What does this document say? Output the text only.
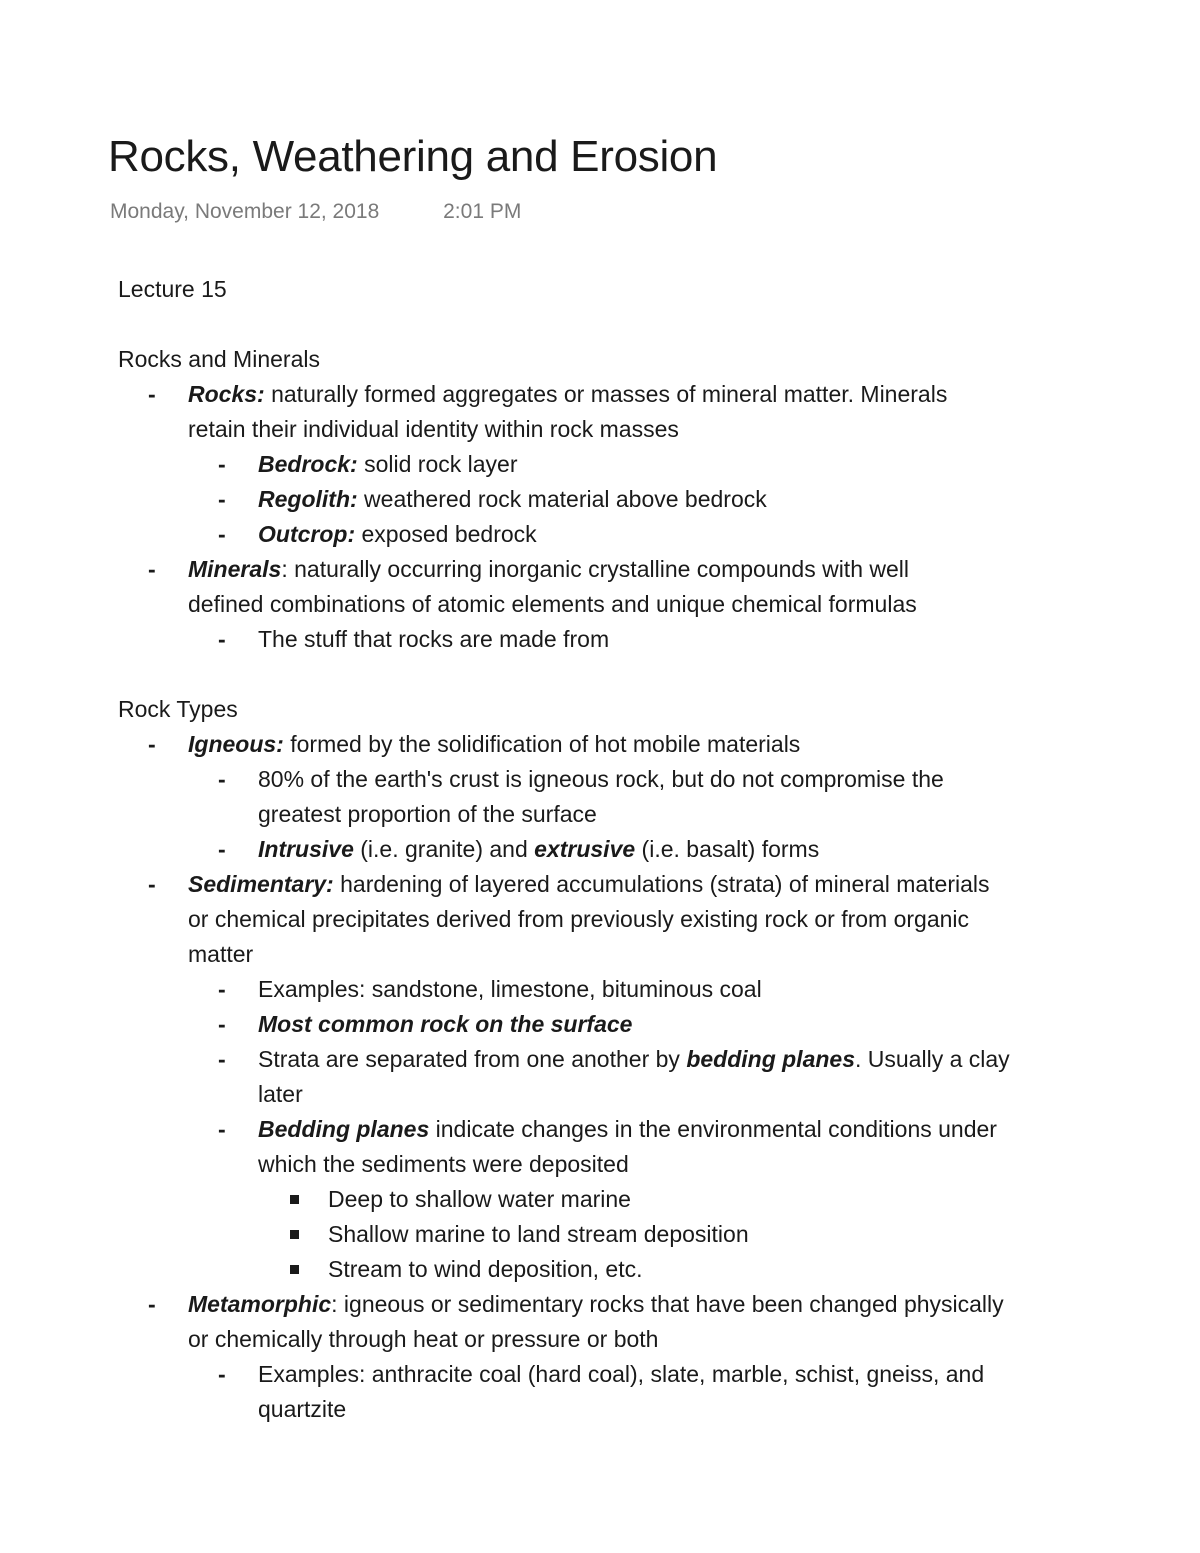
Rocks, Weathering and Erosion
Monday, November 12, 2018	2:01 PM
Lecture 15
Rocks and Minerals
- Rocks: naturally formed aggregates or masses of mineral matter. Minerals
retain their individual identity within rock masses
- Bedrock: solid rock layer
- Regolith: weathered rock material above bedrock
- Outcrop: exposed bedrock
- Minerals: naturally occurring inorganic crystalline compounds with well
defined combinations of atomic elements and unique chemical formulas
- The stuff that rocks are made from
Rock Types
- Igneous: formed by the solidification of hot mobile materials
- 80% of the earth's crust is igneous rock, but do not compromise the
greatest proportion of the surface
- Intrusive (i.e. granite) and extrusive (i.e. basalt) forms
- Sedimentary: hardening of layered accumulations (strata) of mineral materials
or chemical precipitates derived from previously existing rock or from organic
matter
- Examples: sandstone, limestone, bituminous coal
- Most common rock on the surface
- Strata are separated from one another by bedding planes. Usually a clay
later
- Bedding planes indicate changes in the environmental conditions under
which the sediments were deposited
Deep to shallow water marine
Shallow marine to land stream deposition
Stream to wind deposition, etc.
- Metamorphic: igneous or sedimentary rocks that have been changed physically
or chemically through heat or pressure or both
- Examples: anthracite coal (hard coal), slate, marble, schist, gneiss, and
quartzite
